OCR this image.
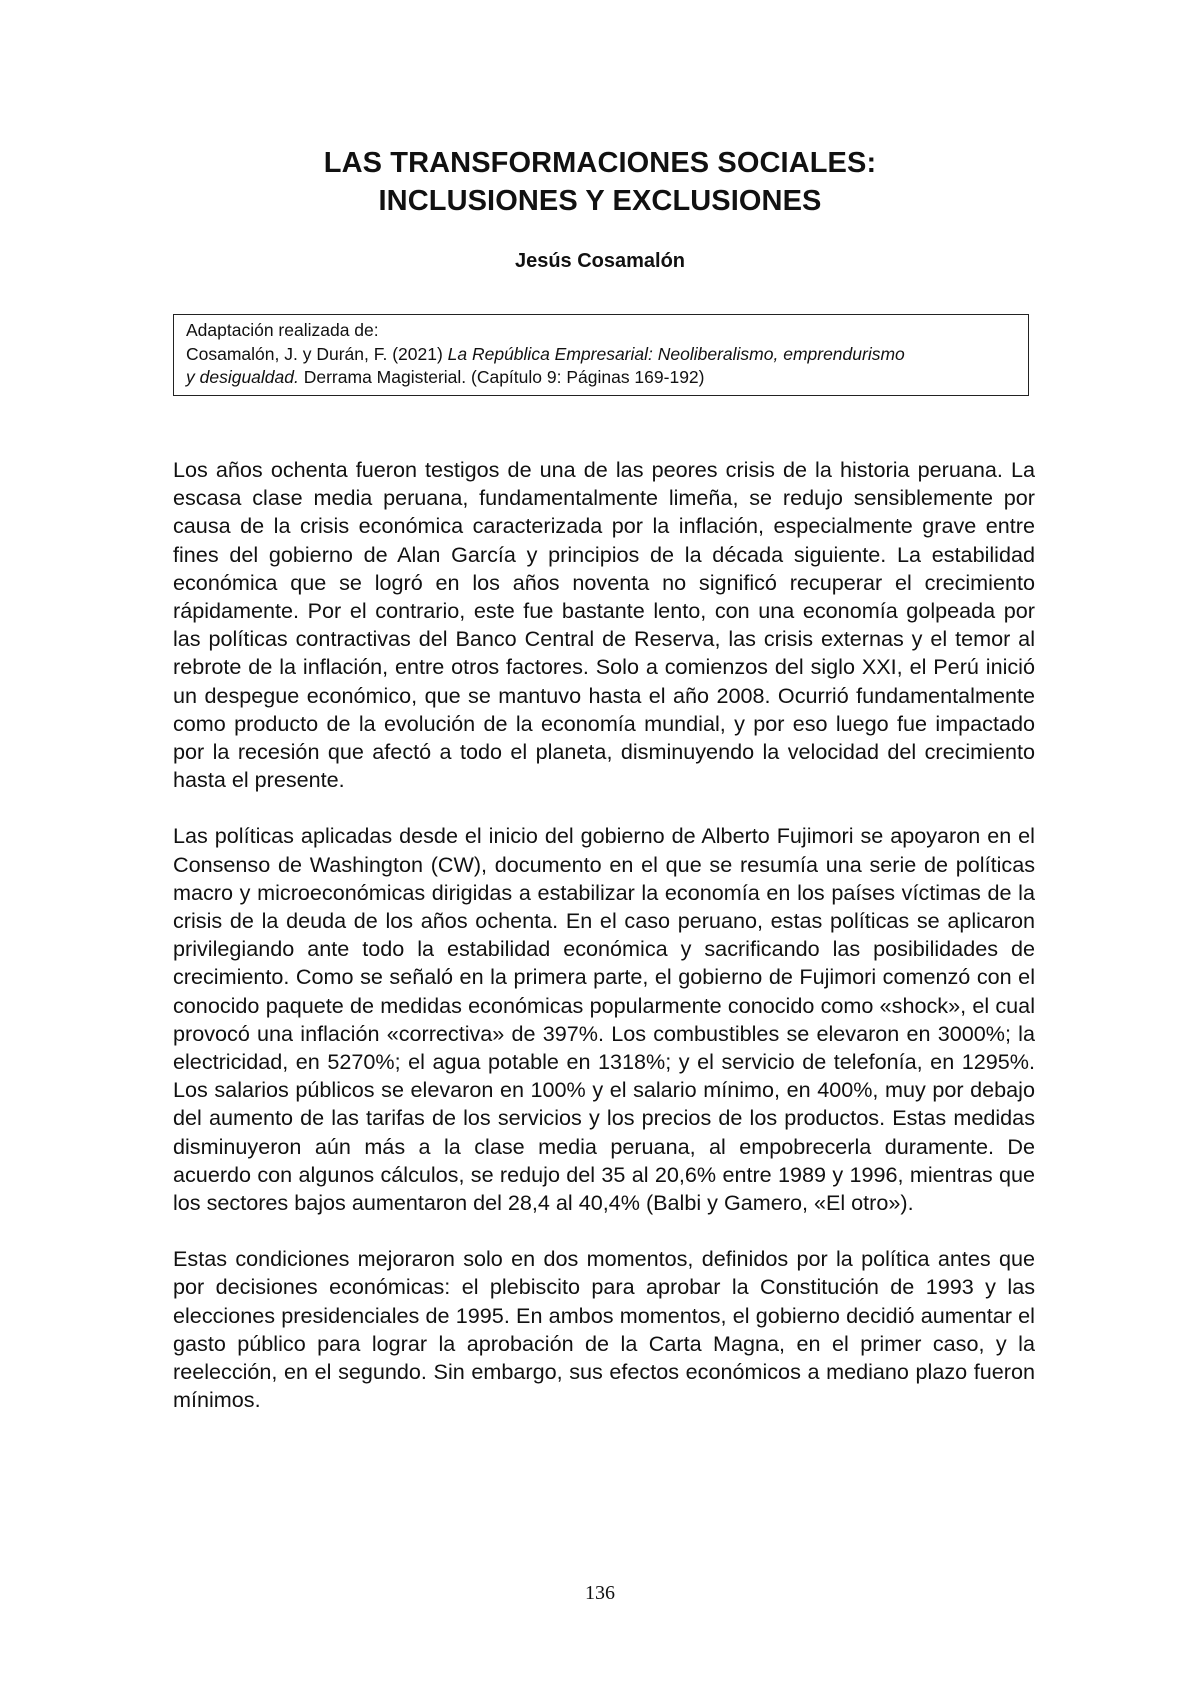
LAS TRANSFORMACIONES SOCIALES:
INCLUSIONES Y EXCLUSIONES
Jesús Cosamalón
Adaptación realizada de:
Cosamalón, J. y Durán, F. (2021) La República Empresarial: Neoliberalismo, emprendurismo
y desigualdad. Derrama Magisterial. (Capítulo 9: Páginas 169-192)

Los años ochenta fueron testigos de una de las peores crisis de la historia peruana. La escasa clase media peruana, fundamentalmente limeña, se redujo sensiblemente por causa de la crisis económica caracterizada por la inflación, especialmente grave entre fines del gobierno de Alan García y principios de la década siguiente. La estabilidad económica que se logró en los años noventa no significó recuperar el crecimiento rápidamente. Por el contrario, este fue bastante lento, con una economía golpeada por las políticas contractivas del Banco Central de Reserva, las crisis externas y el temor al rebrote de la inflación, entre otros factores. Solo a comienzos del siglo XXI, el Perú inició un despegue económico, que se mantuvo hasta el año 2008. Ocurrió fundamentalmente como producto de la evolución de la economía mundial, y por eso luego fue impactado por la recesión que afectó a todo el planeta, disminuyendo la velocidad del crecimiento hasta el presente.

Las políticas aplicadas desde el inicio del gobierno de Alberto Fujimori se apoyaron en el Consenso de Washington (CW), documento en el que se resumía una serie de políticas macro y microeconómicas dirigidas a estabilizar la economía en los países víctimas de la crisis de la deuda de los años ochenta. En el caso peruano, estas políticas se aplicaron privilegiando ante todo la estabilidad económica y sacrificando las posibilidades de crecimiento. Como se señaló en la primera parte, el gobierno de Fujimori comenzó con el conocido paquete de medidas económicas popularmente conocido como «shock», el cual provocó una inflación «correctiva» de 397%. Los combustibles se elevaron en 3000%; la electricidad, en 5270%; el agua potable en 1318%; y el servicio de telefonía, en 1295%. Los salarios públicos se elevaron en 100% y el salario mínimo, en 400%, muy por debajo del aumento de las tarifas de los servicios y los precios de los productos. Estas medidas disminuyeron aún más a la clase media peruana, al empobrecerla duramente. De acuerdo con algunos cálculos, se redujo del 35 al 20,6% entre 1989 y 1996, mientras que los sectores bajos aumentaron del 28,4 al 40,4% (Balbi y Gamero, «El otro»).

Estas condiciones mejoraron solo en dos momentos, definidos por la política antes que por decisiones económicas: el plebiscito para aprobar la Constitución de 1993 y las elecciones presidenciales de 1995. En ambos momentos, el gobierno decidió aumentar el gasto público para lograr la aprobación de la Carta Magna, en el primer caso, y la reelección, en el segundo. Sin embargo, sus efectos económicos a mediano plazo fueron mínimos.

136
